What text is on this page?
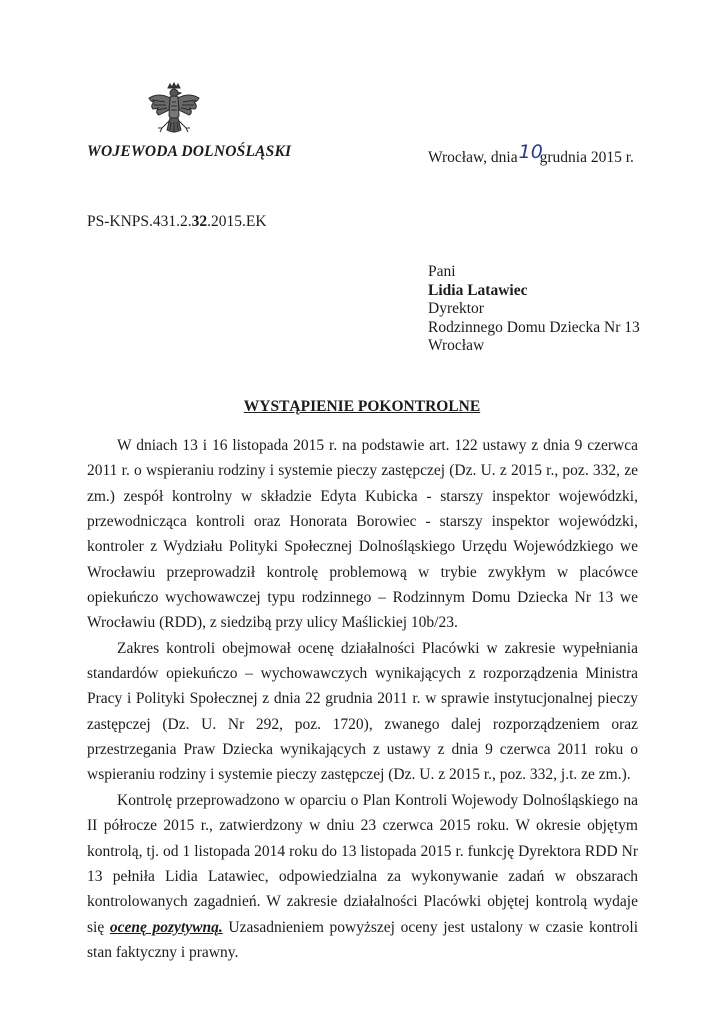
WOJEWODA DOLNOŚLĄSKI	Wrocław, dnia10grudnia 2015 r.
PS-KNPS.431.2.32.2015.EK
Pani
Lidia Latawiec
Dyrektor
Rodzinnego Domu Dziecka Nr 13
Wrocław
WYSTĄPIENIE POKONTROLNE

W dniach 13 i 16 listopada 2015 r. na podstawie art. 122 ustawy z dnia 9 czerwca 2011 r. o wspieraniu rodziny i systemie pieczy zastępczej (Dz. U. z 2015 r., poz. 332, ze zm.) zespół kontrolny w składzie Edyta Kubicka - starszy inspektor wojewódzki, przewodnicząca kontroli oraz Honorata Borowiec - starszy inspektor wojewódzki, kontroler z Wydziału Polityki Społecznej Dolnośląskiego Urzędu Wojewódzkiego we Wrocławiu przeprowadził kontrolę problemową w trybie zwykłym w placówce opiekuńczo wychowawczej typu rodzinnego – Rodzinnym Domu Dziecka Nr 13 we Wrocławiu (RDD), z siedzibą przy ulicy Maślickiej 10b/23.

Zakres kontroli obejmował ocenę działalności Placówki w zakresie wypełniania standardów opiekuńczo – wychowawczych wynikających z rozporządzenia Ministra Pracy i Polityki Społecznej z dnia 22 grudnia 2011 r. w sprawie instytucjonalnej pieczy zastępczej (Dz. U. Nr 292, poz. 1720), zwanego dalej rozporządzeniem oraz przestrzegania Praw Dziecka wynikających z ustawy z dnia 9 czerwca 2011 roku o wspieraniu rodziny i systemie pieczy zastępczej (Dz. U. z 2015 r., poz. 332, j.t. ze zm.).

Kontrolę przeprowadzono w oparciu o Plan Kontroli Wojewody Dolnośląskiego na II półrocze 2015 r., zatwierdzony w dniu 23 czerwca 2015 roku. W okresie objętym kontrolą, tj. od 1 listopada 2014 roku do 13 listopada 2015 r. funkcję Dyrektora RDD Nr 13 pełniła Lidia Latawiec, odpowiedzialna za wykonywanie zadań w obszarach kontrolowanych zagadnień. W zakresie działalności Placówki objętej kontrolą wydaje się ocenę pozytywną. Uzasadnieniem powyższej oceny jest ustalony w czasie kontroli stan faktyczny i prawny.
